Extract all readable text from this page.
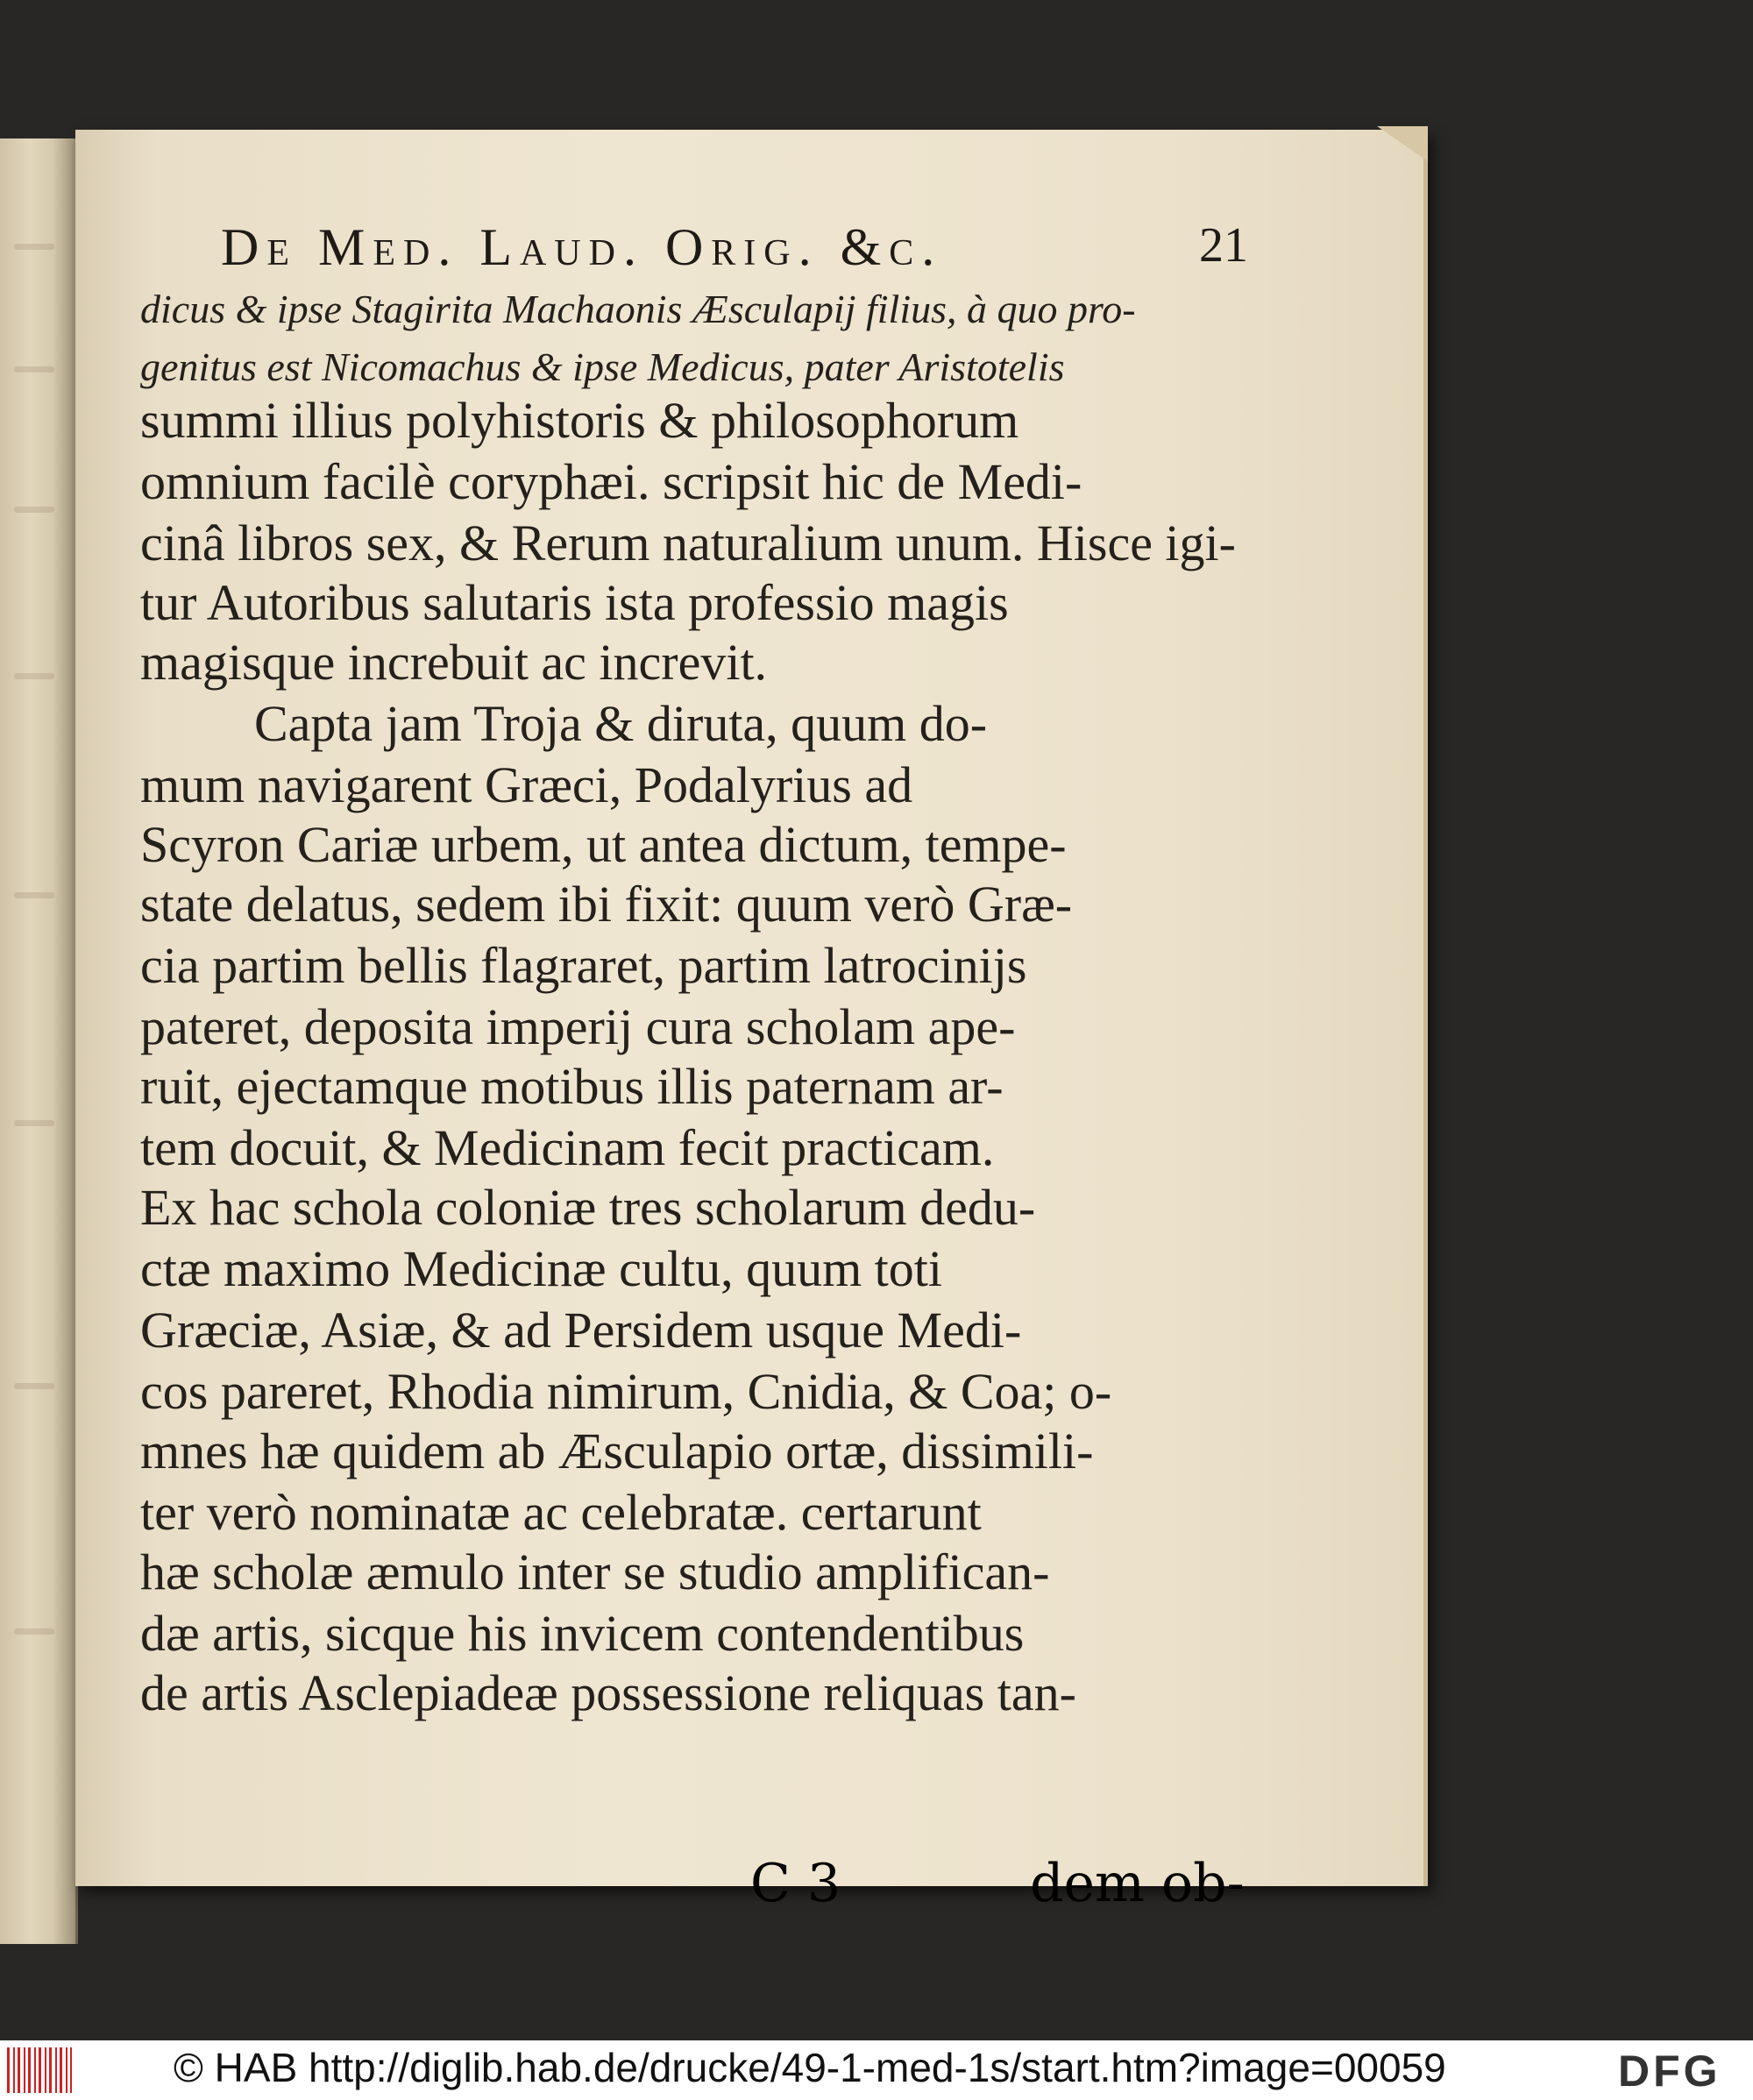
De Med. Laud. Orig. &c.	21
dicus & ipse Stagirita Machaonis Æsculapij filius, à quo pro-
genitus est Nicomachus & ipse Medicus, pater Aristotelis
summi illius polyhistoris & philosophorum
omnium facilè coryphæi. scripsit hic de Medi-
cinâ libros sex, & Rerum naturalium unum. Hisce igi-
tur Autoribus salutaris ista professio magis
magisque increbuit ac increvit.
Capta jam Troja & diruta, quum do-
mum navigarent Græci, Podalyrius ad
Scyron Cariæ urbem, ut antea dictum, tempe-
state delatus, sedem ibi fixit: quum verò Græ-
cia partim bellis flagraret, partim latrocinijs
pateret, deposita imperij cura scholam ape-
ruit, ejectamque motibus illis paternam ar-
tem docuit, & Medicinam fecit practicam.
Ex hac schola coloniæ tres scholarum dedu-
ctæ maximo Medicinæ cultu, quum toti
Græciæ, Asiæ, & ad Persidem usque Medi-
cos pareret, Rhodia nimirum, Cnidia, & Coa; o-
mnes hæ quidem ab Æsculapio ortæ, dissimili-
ter verò nominatæ ac celebratæ. certarunt
hæ scholæ æmulo inter se studio amplifican-
dæ artis, sicque his invicem contendentibus
de artis Asclepiadeæ possessione reliquas tan-
C 3	dem ob-
© HAB http://diglib.hab.de/drucke/49-1-med-1s/start.htm?image=00059	DFG
